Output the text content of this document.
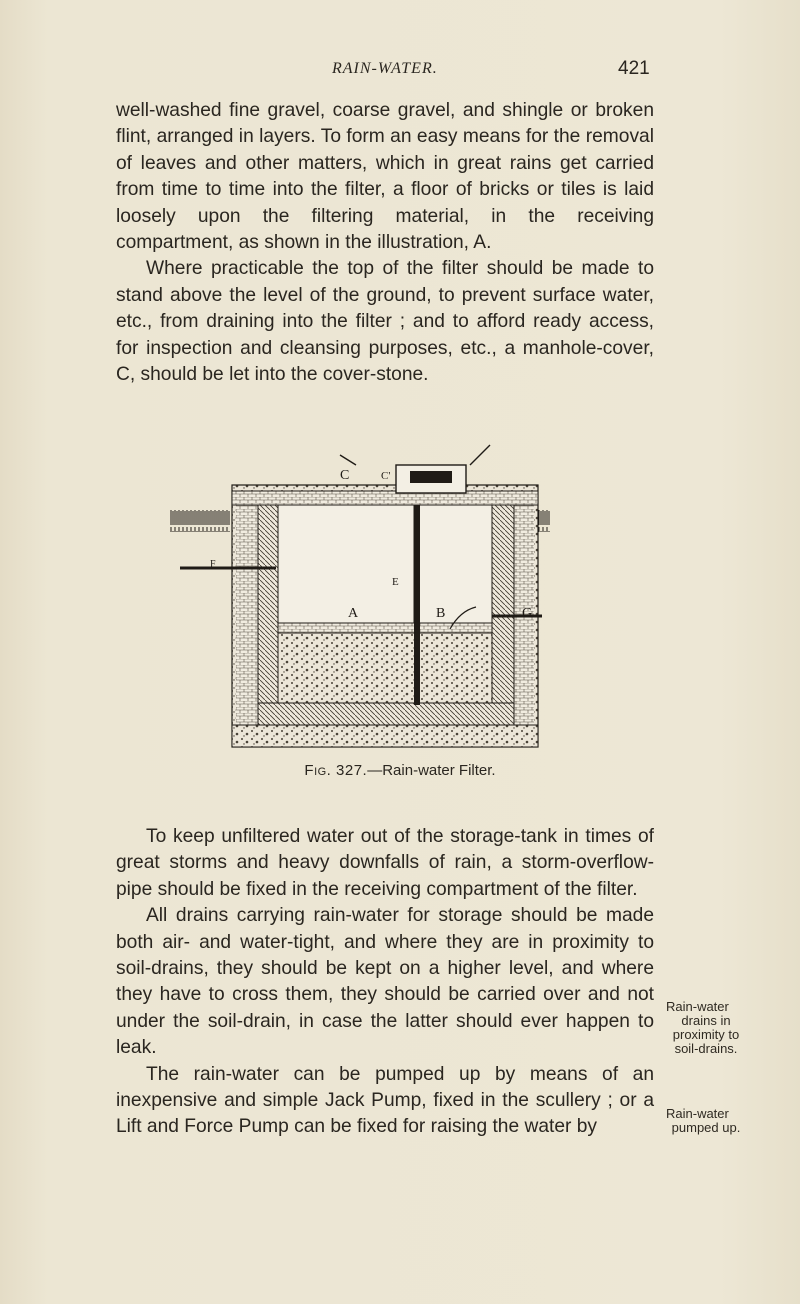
RAIN-WATER.	421

well-washed fine gravel, coarse gravel, and shingle or broken flint, arranged in layers. To form an easy means for the removal of leaves and other matters, which in great rains get carried from time to time into the filter, a floor of bricks or tiles is laid loosely upon the filtering material, in the receiving compartment, as shown in the illustration, A.

Where practicable the top of the filter should be made to stand above the level of the ground, to prevent surface water, etc., from draining into the filter ; and to afford ready access, for inspection and cleansing purposes, etc., a manhole-cover, C, should be let into the cover-stone.

C	C'
F
E
A	B	G
Fig. 327.—Rain-water Filter.

To keep unfiltered water out of the storage-tank in times of great storms and heavy downfalls of rain, a storm-overflow-pipe should be fixed in the receiving compartment of the filter.

All drains carrying rain-water for storage should be made both air- and water-tight, and where they are in proximity to soil-drains, they should be kept on a higher level, and where they have to cross them, they should be carried over and not under the soil-drain, in case the latter should ever happen to leak.

The rain-water can be pumped up by means of an inexpensive and simple Jack Pump, fixed in the scullery ; or a Lift and Force Pump can be fixed for raising the water by

Rain-water
drains in
proximity to
soil-drains.
Rain-water
pumped up.
